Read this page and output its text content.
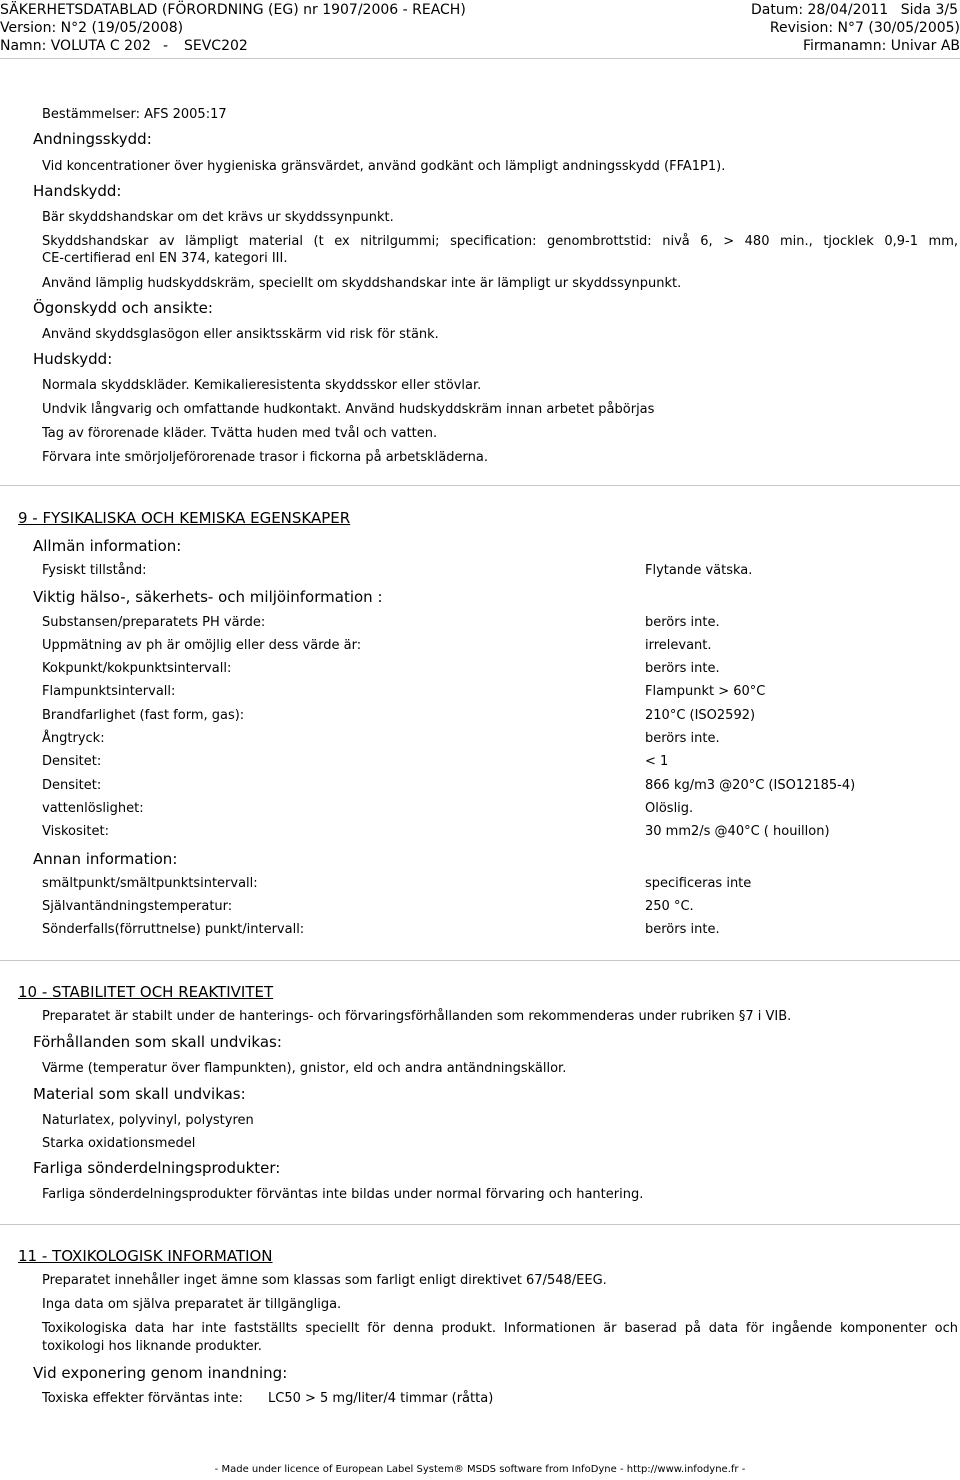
SÄKERHETSDATABLAD (FÖRORDNING (EG) nr 1907/2006 - REACH)	Datum: 28/04/2011 Sida 3/5
Version: N°2 (19/05/2008)	Revision: N°7 (30/05/2005)
Namn: VOLUTA C 202 - SEVC202	Firmanamn: Univar AB
Bestämmelser: AFS 2005:17
Andningsskydd:
Vid koncentrationer över hygieniska gränsvärdet, använd godkänt och lämpligt andningsskydd (FFA1P1).
Handskydd:
Bär skyddshandskar om det krävs ur skyddssynpunkt.
Skyddshandskar av lämpligt material (t ex nitrilgummi; specification: genombrottstid: nivå 6, > 480 min., tjocklek 0,9-1 mm,
CE-certifierad enl EN 374, kategori III.
Använd lämplig hudskyddskräm, speciellt om skyddshandskar inte är lämpligt ur skyddssynpunkt.
Ögonskydd och ansikte:
Använd skyddsglasögon eller ansiktsskärm vid risk för stänk.
Hudskydd:
Normala skyddskläder. Kemikalieresistenta skyddsskor eller stövlar.
Undvik långvarig och omfattande hudkontakt. Använd hudskyddskräm innan arbetet påbörjas
Tag av förorenade kläder. Tvätta huden med tvål och vatten.
Förvara inte smörjoljeförorenade trasor i fickorna på arbetskläderna.
9 - FYSIKALISKA OCH KEMISKA EGENSKAPER
Allmän information:
Fysiskt tillstånd:	Flytande vätska.
Viktig hälso-, säkerhets- och miljöinformation :
Substansen/preparatets PH värde:	berörs inte.
Uppmätning av ph är omöjlig eller dess värde är:	irrelevant.
Kokpunkt/kokpunktsintervall:	berörs inte.
Flampunktsintervall:	Flampunkt > 60°C
Brandfarlighet (fast form, gas):	210°C (ISO2592)
Ångtryck:	berörs inte.
Densitet:	< 1
Densitet:	866 kg/m3 @20°C (ISO12185-4)
vattenlöslighet:	Olöslig.
Viskositet:	30 mm2/s @40°C ( houillon)
Annan information:
smältpunkt/smältpunktsintervall:	specificeras inte
Självantändningstemperatur:	250 °C.
Sönderfalls(förruttnelse) punkt/intervall:	berörs inte.
10 - STABILITET OCH REAKTIVITET
Preparatet är stabilt under de hanterings- och förvaringsförhållanden som rekommenderas under rubriken §7 i VIB.
Förhållanden som skall undvikas:
Värme (temperatur över flampunkten), gnistor, eld och andra antändningskällor.
Material som skall undvikas:
Naturlatex, polyvinyl, polystyren
Starka oxidationsmedel
Farliga sönderdelningsprodukter:
Farliga sönderdelningsprodukter förväntas inte bildas under normal förvaring och hantering.
11 - TOXIKOLOGISK INFORMATION
Preparatet innehåller inget ämne som klassas som farligt enligt direktivet 67/548/EEG.
Inga data om själva preparatet är tillgängliga.
Toxikologiska data har inte fastställts speciellt för denna produkt. Informationen är baserad på data för ingående komponenter och
toxikologi hos liknande produkter.
Vid exponering genom inandning:
Toxiska effekter förväntas inte: LC50 > 5 mg/liter/4 timmar (råtta)
- Made under licence of European Label System® MSDS software from InfoDyne - http://www.infodyne.fr -
